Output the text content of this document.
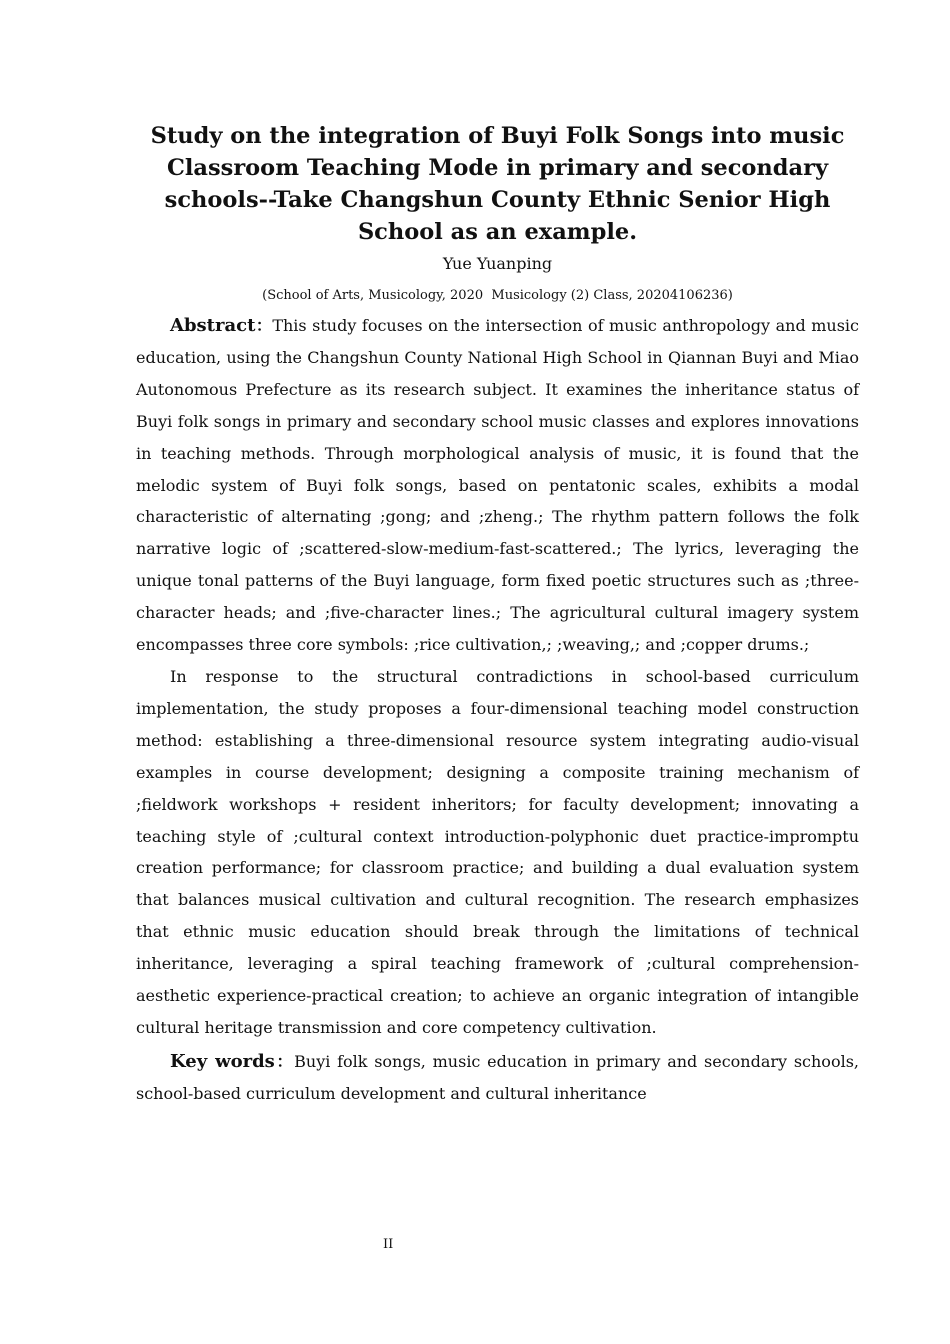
Study on the integration of Buyi Folk Songs into music Classroom Teaching Mode in primary and secondary schools--Take Changshun County Ethnic Senior High School as an example.
Yue Yuanping
(School of Arts, Musicology, 2020  Musicology (2) Class, 20204106236)

Abstract：This study focuses on the intersection of music anthropology and music education, using the Changshun County National High School in Qiannan Buyi and Miao Autonomous Prefecture as its research subject. It examines the inheritance status of Buyi folk songs in primary and secondary school music classes and explores innovations in teaching methods. Through morphological analysis of music, it is found that the melodic system of Buyi folk songs, based on pentatonic scales, exhibits a modal characteristic of alternating ;gong; and ;zheng.; The rhythm pattern follows the folk narrative logic of ;scattered-slow-medium-fast-scattered.; The lyrics, leveraging the unique tonal patterns of the Buyi language, form fixed poetic structures such as ;three-character heads; and ;five-character lines.; The agricultural cultural imagery system encompasses three core symbols: ;rice cultivation,; ;weaving,; and ;copper drums.;

In response to the structural contradictions in school-based curriculum implementation, the study proposes a four-dimensional teaching model construction method: establishing a three-dimensional resource system integrating audio-visual examples in course development; designing a composite training mechanism of ;fieldwork workshops + resident inheritors; for faculty development; innovating a teaching style of ;cultural context introduction-polyphonic duet practice-impromptu creation performance; for classroom practice; and building a dual evaluation system that balances musical cultivation and cultural recognition. The research emphasizes that ethnic music education should break through the limitations of technical inheritance, leveraging a spiral teaching framework of ;cultural comprehension-aesthetic experience-practical creation; to achieve an organic integration of intangible cultural heritage transmission and core competency cultivation.

Key words：Buyi folk songs, music education in primary and secondary schools, school-based curriculum development and cultural inheritance

II
